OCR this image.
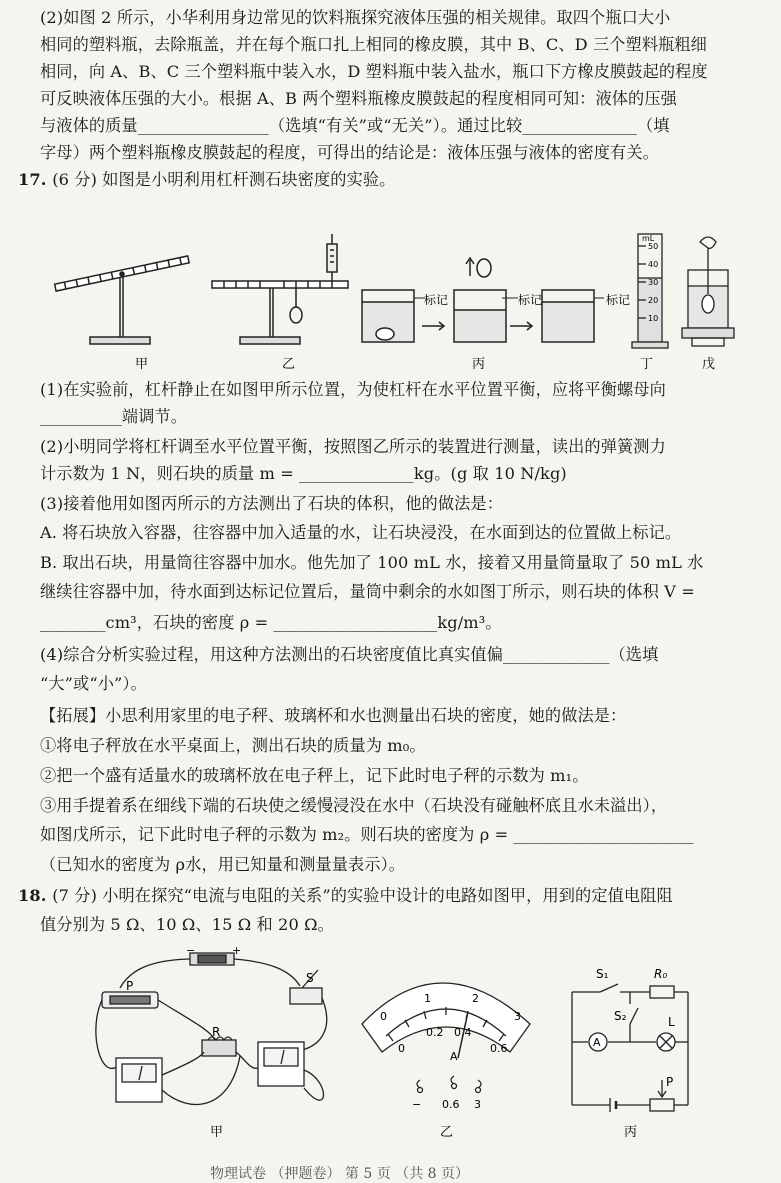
(2)如图 2 所示，小华利用身边常见的饮料瓶探究液体压强的相关规律。取四个瓶口大小
相同的塑料瓶，去除瓶盖，并在每个瓶口扎上相同的橡皮膜，其中 B、C、D 三个塑料瓶粗细
相同，向 A、B、C 三个塑料瓶中装入水，D 塑料瓶中装入盐水，瓶口下方橡皮膜鼓起的程度
可反映液体压强的大小。根据 A、B 两个塑料瓶橡皮膜鼓起的程度相同可知：液体的压强
与液体的质量________________（选填“有关”或“无关”）。通过比较______________（填
字母）两个塑料瓶橡皮膜鼓起的程度，可得出的结论是：液体压强与液体的密度有关。
17. (6 分) 如图是小明利用杠杆测石块密度的实验。
标记	标记	标记
mL
50
40
30
20
10
甲	乙	丙	丁	戊
(1)在实验前，杠杆静止在如图甲所示位置，为使杠杆在水平位置平衡，应将平衡螺母向
__________端调节。
(2)小明同学将杠杆调至水平位置平衡，按照图乙所示的装置进行测量，读出的弹簧测力
计示数为 1 N，则石块的质量 m = ______________kg。(g 取 10 N/kg)
(3)接着他用如图丙所示的方法测出了石块的体积，他的做法是：
A. 将石块放入容器，往容器中加入适量的水，让石块浸没，在水面到达的位置做上标记。
B. 取出石块，用量筒往容器中加水。他先加了 100 mL 水，接着又用量筒量取了 50 mL 水
继续往容器中加，待水面到达标记位置后，量筒中剩余的水如图丁所示，则石块的体积 V =
________cm³，石块的密度 ρ = ____________________kg/m³。
(4)综合分析实验过程，用这种方法测出的石块密度值比真实值偏_____________（选填
“大”或“小”）。
【拓展】小思利用家里的电子秤、玻璃杯和水也测量出石块的密度，她的做法是：
①将电子秤放在水平桌面上，测出石块的质量为 m₀。
②把一个盛有适量水的玻璃杯放在电子秤上，记下此时电子秤的示数为 m₁。
③用手提着系在细线下端的石块使之缓慢浸没在水中（石块没有碰触杯底且水未溢出），
如图戊所示，记下此时电子秤的示数为 m₂。则石块的密度为 ρ = ______________________
（已知水的密度为 ρ水，用已知量和测量量表示）。
18. (7 分) 小明在探究“电流与电阻的关系”的实验中设计的电路如图甲，用到的定值电阻阻
值分别为 5 Ω、10 Ω、15 Ω 和 20 Ω。
P
R
S
−	+
甲
0
1	2
3
0
0.2 0.4
0.6
A
− 0.6 3
乙
S₁
S₂
R₀
A
L
P
丙
物理试卷 （押题卷） 第 5 页 （共 8 页）
